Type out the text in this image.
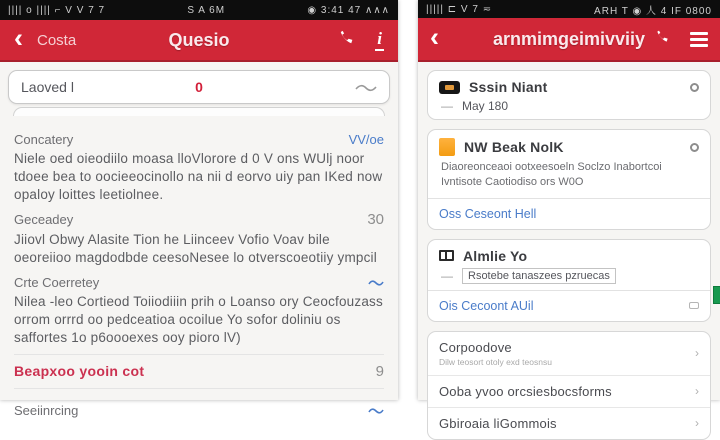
|||| o |||| ⌐ V V 7 7	S A 6M	◉ 3:41 47 ∧∧∧
‹ Costa	Quesio	i
Laoved l	0
Concatery	VV/oe
Niele oed oieodiilo moasa lloVlorore d 0 V ons WUlj noor tdoee bea to oocieeocinollo na nii d eorvo uiy pan IKed now opaloy loittes leetiolnee.
Geceadey	30
Jiiovl Obwy Alasite Tion he Liinceev Vofio Voav bile oeoreiioo magdodbde ceesoNesee lo otverscoeotiiy ympcil
Crte Coerretey
Nilea -leo Cortieod Toiiodiiin prih o Loanso ory Ceocfouzass orrom orrrd oo pedceatioa ocoilue Yo sofor doliniu os saffortes 1o p6oooexes ooy pioro lV)
Beapxoo yooin cot	9
Seeiinrcing
||||| ⊏ V 7 ≂	ARH T ◉ 人 4 IF 0800
‹	arnmimgeimivviiy
Sssin Niant
— May 180
NW Beak NolK
Diaoreonceaoi ootxeesoeln Soclzo Inabortcoi Ivntisote Caotiodiso ors W0O
Oss Ceseont Hell
Almlie Yo
—	Rsotebe tanaszees pzruecas
Ois Cecoont AUil
Corpoodove
Dilw teosort otoly exd teosnsu
›
Ooba yvoo orcsiesbocsforms	›
Gbiroaia liGommois	›
